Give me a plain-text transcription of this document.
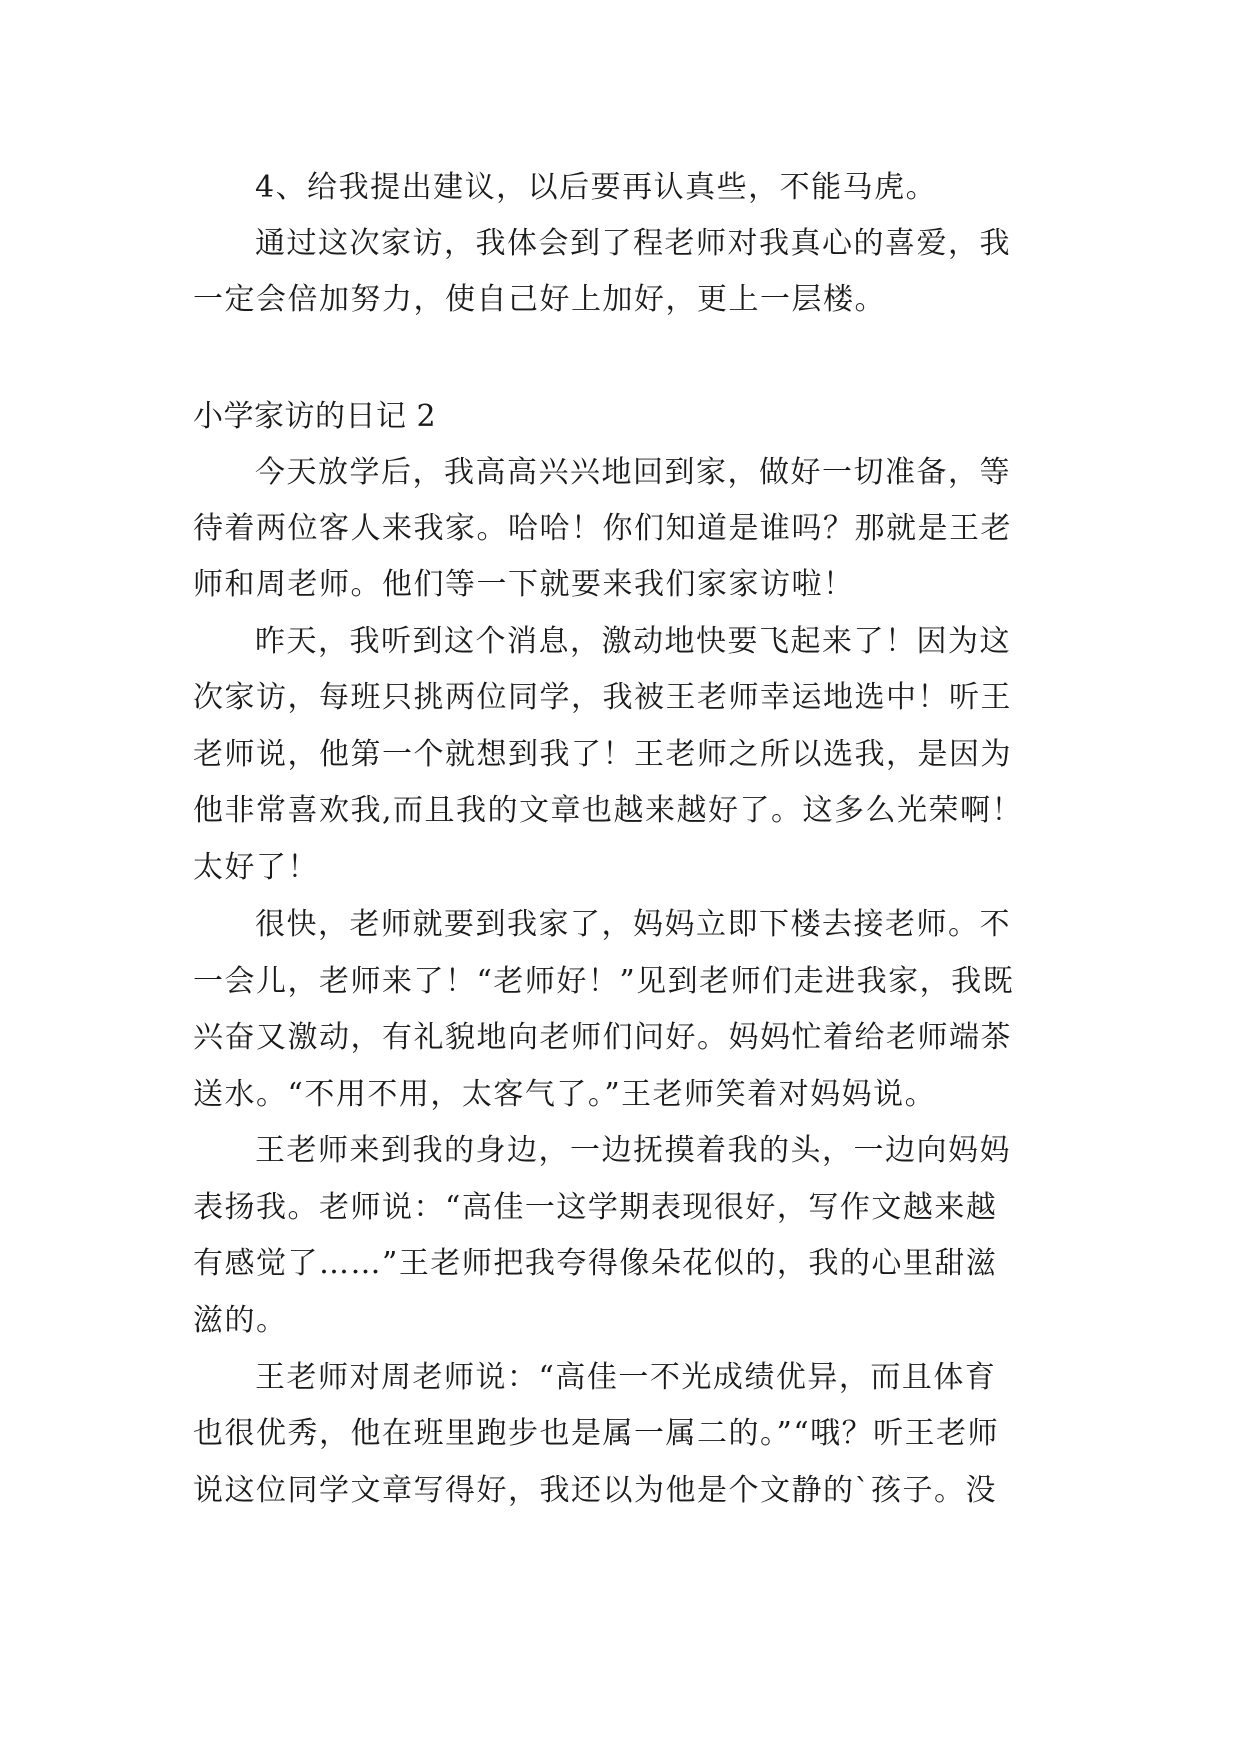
4、给我提出建议，以后要再认真些，不能马虎。
通过这次家访，我体会到了程老师对我真心的喜爱，我
一定会倍加努力，使自己好上加好，更上一层楼。
小学家访的日记 2
今天放学后，我高高兴兴地回到家，做好一切准备，等
待着两位客人来我家。哈哈！你们知道是谁吗？那就是王老
师和周老师。他们等一下就要来我们家家访啦！
昨天，我听到这个消息，激动地快要飞起来了！因为这
次家访，每班只挑两位同学，我被王老师幸运地选中！听王
老师说，他第一个就想到我了！王老师之所以选我，是因为
他非常喜欢我,而且我的文章也越来越好了。这多么光荣啊！
太好了！
很快，老师就要到我家了，妈妈立即下楼去接老师。不
一会儿，老师来了！“老师好！”见到老师们走进我家，我既
兴奋又激动，有礼貌地向老师们问好。妈妈忙着给老师端茶
送水。“不用不用，太客气了。”王老师笑着对妈妈说。
王老师来到我的身边，一边抚摸着我的头，一边向妈妈
表扬我。老师说：“高佳一这学期表现很好，写作文越来越
有感觉了……”王老师把我夸得像朵花似的，我的心里甜滋
滋的。
王老师对周老师说：“高佳一不光成绩优异，而且体育
也很优秀，他在班里跑步也是属一属二的。”“哦？听王老师
说这位同学文章写得好，我还以为他是个文静的`孩子。没
